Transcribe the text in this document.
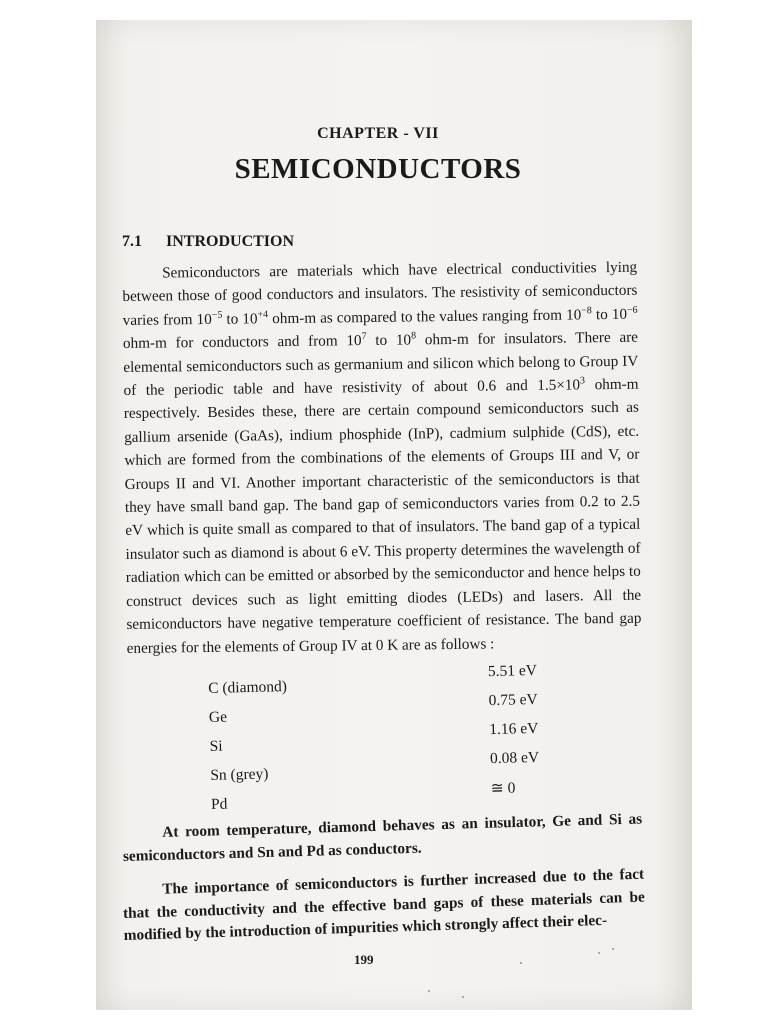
CHAPTER - VII
SEMICONDUCTORS
7.1 INTRODUCTION
Semiconductors are materials which have electrical conductivities lying between those of good conductors and insulators. The resistivity of semiconductors varies from $10^{-5}$ to $10^{+4}$ ohm-m as compared to the values ranging from $10^{-8}$ to $10^{-6}$ ohm-m for conductors and from $10^7$ to $10^8$ ohm-m for insulators. There are elemental semiconductors such as germanium and silicon which belong to Group IV of the periodic table and have resistivity of about 0.6 and $1.5\times 10^3$ ohm-m respectively. Besides these, there are certain compound semiconductors such as gallium arsenide (GaAs), indium phosphide (InP), cadmium sulphide (CdS), etc. which are formed from the combinations of the elements of Groups III and V, or Groups II and VI. Another important characteristic of the semiconductors is that they have small band gap. The band gap of semiconductors varies from 0.2 to 2.5 eV which is quite small as compared to that of insulators. The band gap of a typical insulator such as diamond is about 6 eV. This property determines the wavelength of radiation which can be emitted or absorbed by the semiconductor and hence helps to construct devices such as light emitting diodes (LEDs) and lasers. All the semiconductors have negative temperature coefficient of resistance. The band gap energies for the elements of Group IV at 0 K are as follows :
C (diamond)
5.51 eV
Ge
0.75 eV
Si
1.16 eV
Sn (grey)
0.08 eV
Pd
≅ 0
At room temperature, diamond behaves as an insulator, Ge and Si as semiconductors and Sn and Pd as conductors.
The importance of semiconductors is further increased due to the fact that the conductivity and the effective band gaps of these materials can be modified by the introduction of impurities which strongly affect their elec-
199
